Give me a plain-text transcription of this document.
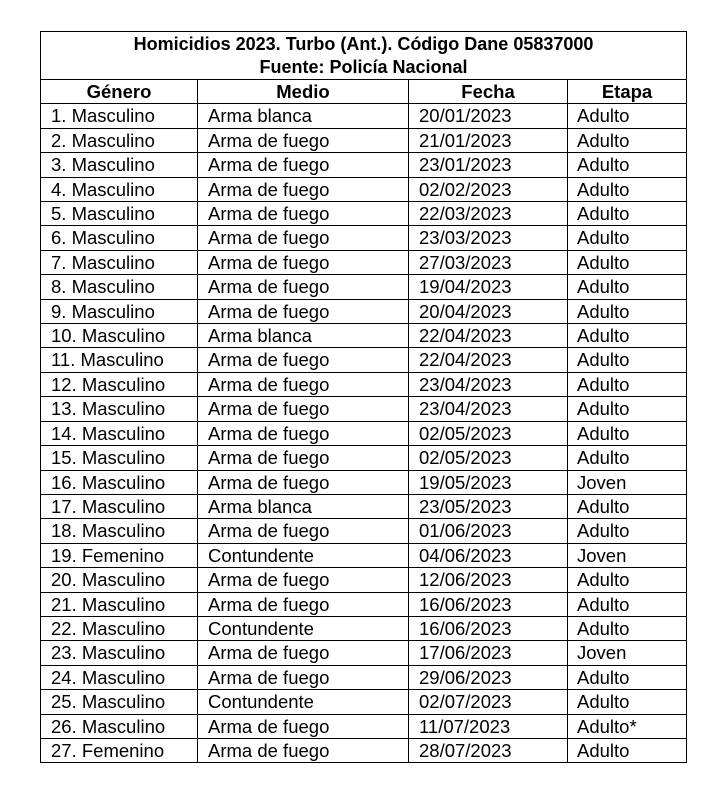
Homicidios 2023. Turbo (Ant.). Código Dane 05837000
Fuente: Policía Nacional			

Género	Medio	Fecha	Etapa
1. Masculino	Arma blanca	20/01/2023	Adulto
2. Masculino	Arma de fuego	21/01/2023	Adulto
3. Masculino	Arma de fuego	23/01/2023	Adulto
4. Masculino	Arma de fuego	02/02/2023	Adulto
5. Masculino	Arma de fuego	22/03/2023	Adulto
6. Masculino	Arma de fuego	23/03/2023	Adulto
7. Masculino	Arma de fuego	27/03/2023	Adulto
8. Masculino	Arma de fuego	19/04/2023	Adulto
9. Masculino	Arma de fuego	20/04/2023	Adulto
10. Masculino	Arma blanca	22/04/2023	Adulto
11. Masculino	Arma de fuego	22/04/2023	Adulto
12. Masculino	Arma de fuego	23/04/2023	Adulto
13. Masculino	Arma de fuego	23/04/2023	Adulto
14. Masculino	Arma de fuego	02/05/2023	Adulto
15. Masculino	Arma de fuego	02/05/2023	Adulto
16. Masculino	Arma de fuego	19/05/2023	Joven
17. Masculino	Arma blanca	23/05/2023	Adulto
18. Masculino	Arma de fuego	01/06/2023	Adulto
19. Femenino	Contundente	04/06/2023	Joven
20. Masculino	Arma de fuego	12/06/2023	Adulto
21. Masculino	Arma de fuego	16/06/2023	Adulto
22. Masculino	Contundente	16/06/2023	Adulto
23. Masculino	Arma de fuego	17/06/2023	Joven
24. Masculino	Arma de fuego	29/06/2023	Adulto
25. Masculino	Contundente	02/07/2023	Adulto
26. Masculino	Arma de fuego	11/07/2023	Adulto*
27. Femenino	Arma de fuego	28/07/2023	Adulto
